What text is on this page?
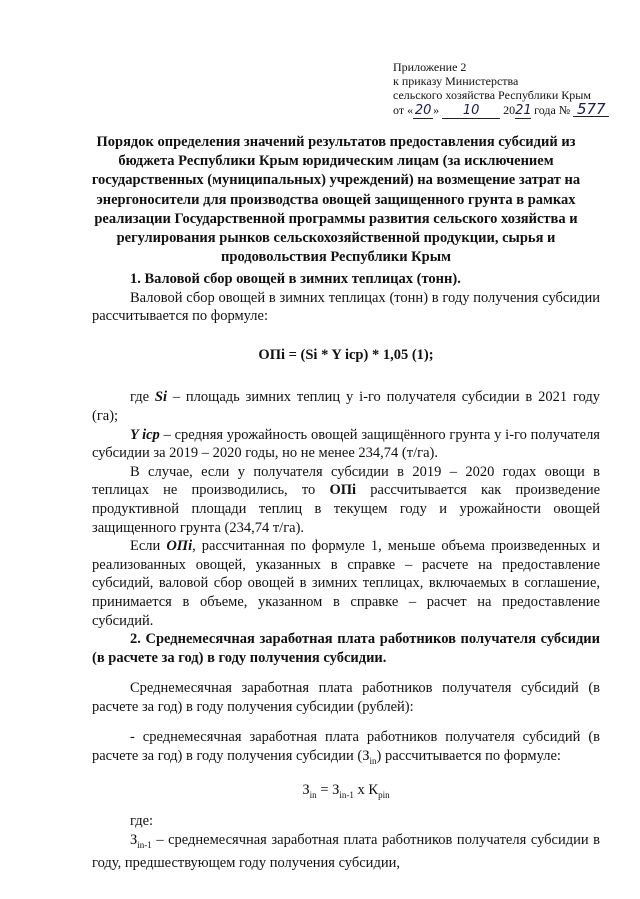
Приложение 2
к приказу Министерства
сельского хозяйства Республики Крым
от « 20 » 10 2021 года № 577
Порядок определения значений результатов предоставления субсидий из бюджета Республики Крым юридическим лицам (за исключением государственных (муниципальных) учреждений) на возмещение затрат на энергоносители для производства овощей защищенного грунта в рамках реализации Государственной программы развития сельского хозяйства и регулирования рынков сельскохозяйственной продукции, сырья и продовольствия Республики Крым

1. Валовой сбор овощей в зимних теплицах (тонн).

Валовой сбор овощей в зимних теплицах (тонн) в году получения субсидии рассчитывается по формуле:

ОПi = (Si * Y icp) * 1,05 (1);

где Si – площадь зимних теплиц у i-го получателя субсидии в 2021 году (га);

Y icp – средняя урожайность овощей защищённого грунта у i-го получателя субсидии за 2019 – 2020 годы, но не менее 234,74 (т/га).

В случае, если у получателя субсидии в 2019 – 2020 годах овощи в теплицах не производились, то ОПi рассчитывается как произведение продуктивной площади теплиц в текущем году и урожайности овощей защищенного грунта (234,74 т/га).

Если ОПi, рассчитанная по формуле 1, меньше объема произведенных и реализованных овощей, указанных в справке – расчете на предоставление субсидий, валовой сбор овощей в зимних теплицах, включаемых в соглашение, принимается в объеме, указанном в справке – расчет на предоставление субсидий.

2. Среднемесячная заработная плата работников получателя субсидии (в расчете за год) в году получения субсидии.

Среднемесячная заработная плата работников получателя субсидий (в расчете за год) в году получения субсидии (рублей):

- среднемесячная заработная плата работников получателя субсидий (в расчете за год) в году получения субсидии $(З_{in})$ рассчитывается по формуле:

$З_{in} = З_{in-1}$ x $К_{pin}$

где:

$З_{in-1}$ – среднемесячная заработная плата работников получателя субсидии в году, предшествующем году получения субсидии,
